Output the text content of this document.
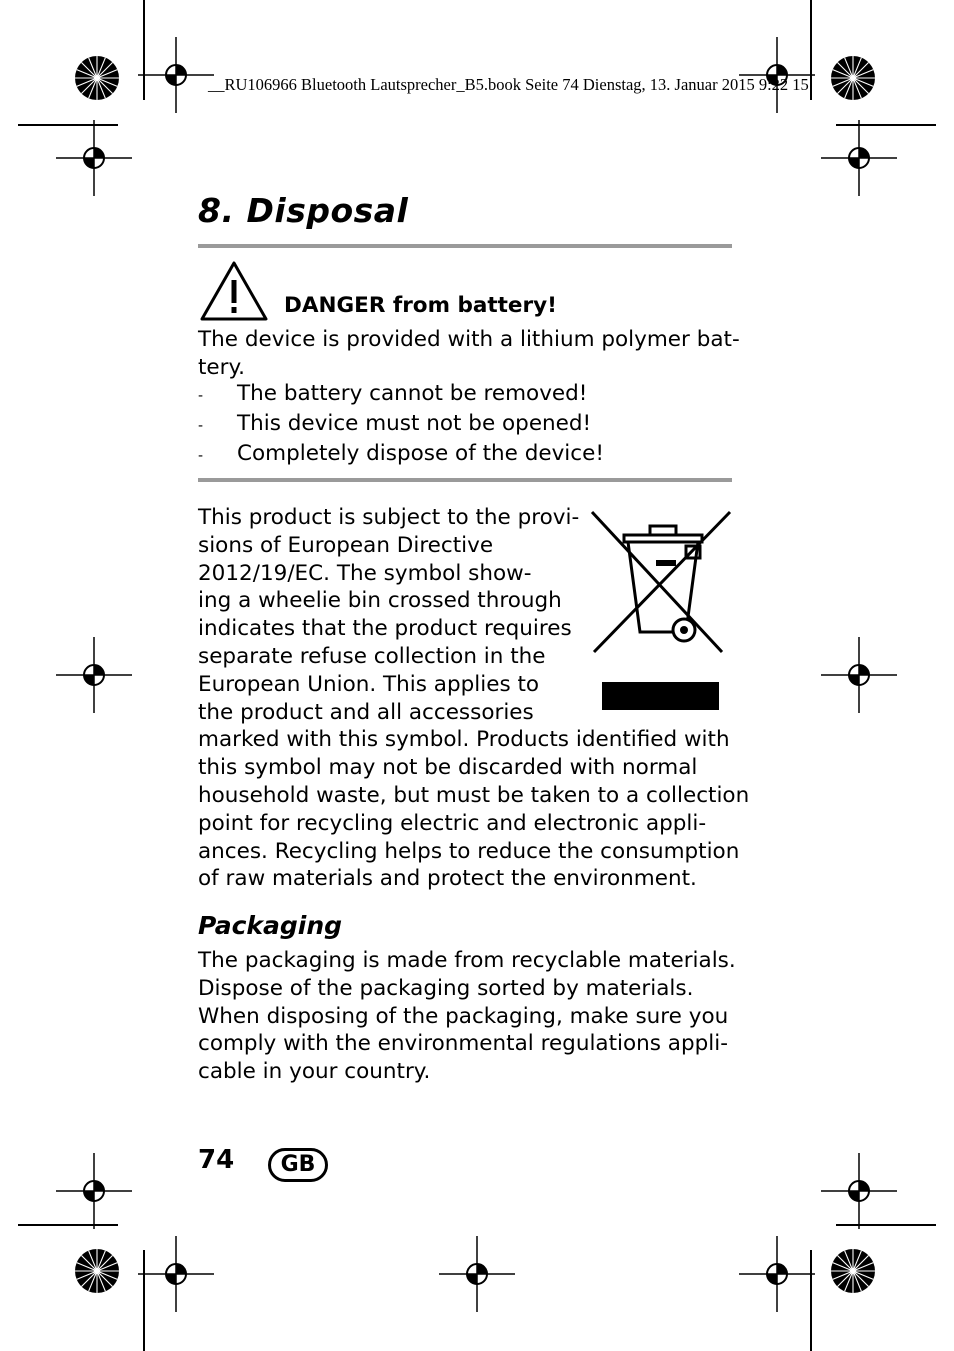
__RU106966 Bluetooth Lautsprecher_B5.book Seite 74 Dienstag, 13. Januar 2015 9:22 15
8. Disposal
DANGER from battery!
The device is provided with a lithium polymer bat-
tery.
- The battery cannot be removed!
- This device must not be opened!
- Completely dispose of the device!
This product is subject to the provi-
sions of European Directive
2012/19/EC. The symbol show-
ing a wheelie bin crossed through
indicates that the product requires
separate refuse collection in the
European Union. This applies to
the product and all accessories
marked with this symbol. Products identified with
this symbol may not be discarded with normal
household waste, but must be taken to a collection
point for recycling electric and electronic appli-
ances. Recycling helps to reduce the consumption
of raw materials and protect the environment.
Packaging
The packaging is made from recyclable materials.
Dispose of the packaging sorted by materials.
When disposing of the packaging, make sure you
comply with the environmental regulations appli-
cable in your country.
74	GB
